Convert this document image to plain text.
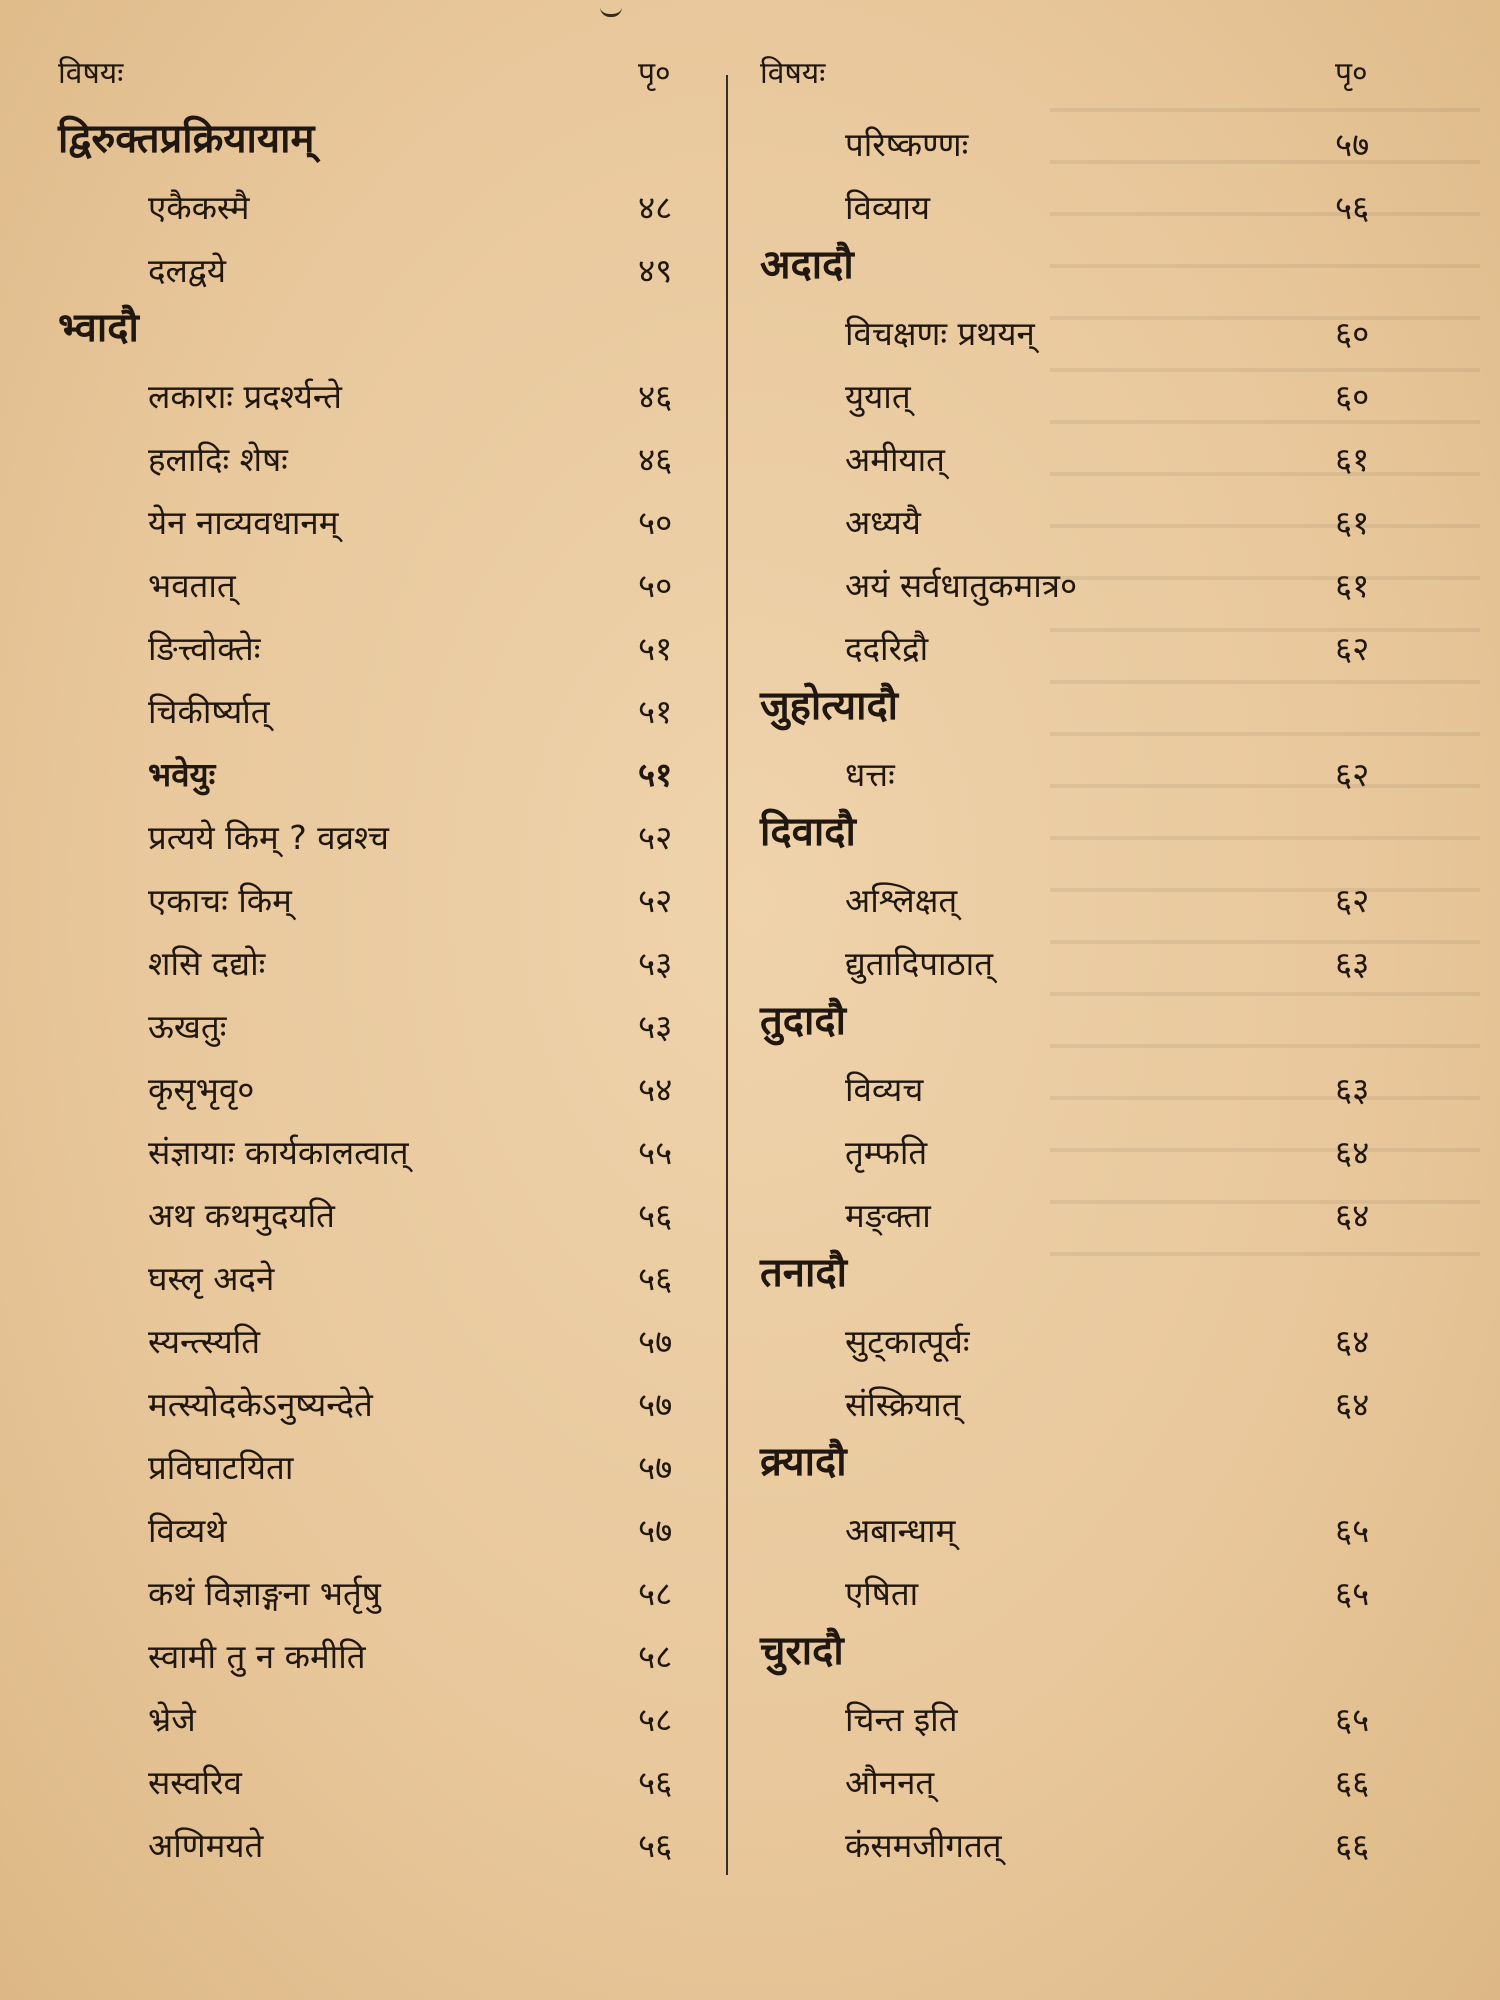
विषयः	पृ०
द्विरुक्तप्रक्रियायाम्
एकैकस्मै	४८
दलद्वये	४९
भ्वादौ
लकाराः प्रदर्श्यन्ते	४६
हलादिः शेषः	४६
येन नाव्यवधानम्	५०
भवतात्	५०
ङित्त्वोक्तेः	५१
चिकीर्ष्यात्	५१
भवेयुः	५१
प्रत्यये किम् ? वव्रश्च	५२
एकाचः किम्	५२
शसि दद्योः	५३
ऊखतुः	५३
कृसृभृवृ०	५४
संज्ञायाः कार्यकालत्वात्	५५
अथ कथमुदयति	५६
घस्लृ अदने	५६
स्यन्त्स्यति	५७
मत्स्योदकेऽनुष्यन्देते	५७
प्रविघाटयिता	५७
विव्यथे	५७
कथं विज्ञाङ्गना भर्तृषु	५८
स्वामी तु न कमीति	५८
भ्रेजे	५८
सस्वरिव	५६
अणिमयते	५६
विषयः	पृ०
परिष्कण्णः	५७
विव्याय	५६
अदादौ
विचक्षणः प्रथयन्	६०
युयात्	६०
अमीयात्	६१
अध्ययै	६१
अयं सर्वधातुकमात्र०	६१
ददरिद्रौ	६२
जुहोत्यादौ
धत्तः	६२
दिवादौ
अश्लिक्षत्	६२
द्युतादिपाठात्	६३
तुदादौ
विव्यच	६३
तृम्फति	६४
मङ्क्ता	६४
तनादौ
सुट्कात्पूर्वः	६४
संस्क्रियात्	६४
क्र्यादौ
अबान्धाम्	६५
एषिता	६५
चुरादौ
चिन्त इति	६५
औननत्	६६
कंसमजीगतत्	६६
